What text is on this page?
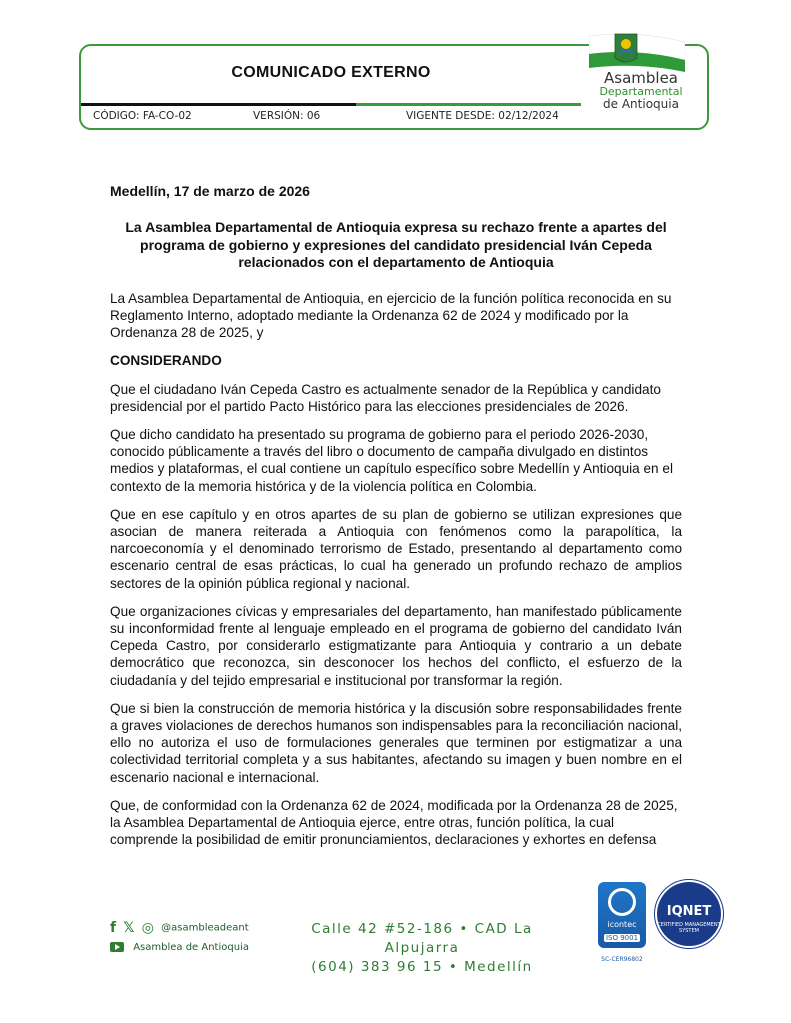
COMUNICADO EXTERNO
CÓDIGO: FA-CO-02	VERSIÓN: 06	VIGENTE DESDE: 02/12/2024
Asamblea
Departamental
de Antioquia
Medellín, 17 de marzo de 2026
La Asamblea Departamental de Antioquia expresa su rechazo frente a apartes del programa de gobierno y expresiones del candidato presidencial Iván Cepeda relacionados con el departamento de Antioquia
La Asamblea Departamental de Antioquia, en ejercicio de la función política reconocida en su Reglamento Interno, adoptado mediante la Ordenanza 62 de 2024 y modificado por la Ordenanza 28 de 2025, y
CONSIDERANDO
Que el ciudadano Iván Cepeda Castro es actualmente senador de la República y candidato presidencial por el partido Pacto Histórico para las elecciones presidenciales de 2026.
Que dicho candidato ha presentado su programa de gobierno para el periodo 2026-2030, conocido públicamente a través del libro o documento de campaña divulgado en distintos medios y plataformas, el cual contiene un capítulo específico sobre Medellín y Antioquia en el contexto de la memoria histórica y de la violencia política en Colombia.
Que en ese capítulo y en otros apartes de su plan de gobierno se utilizan expresiones que asocian de manera reiterada a Antioquia con fenómenos como la parapolítica, la narcoeconomía y el denominado terrorismo de Estado, presentando al departamento como escenario central de esas prácticas, lo cual ha generado un profundo rechazo de amplios sectores de la opinión pública regional y nacional.
Que organizaciones cívicas y empresariales del departamento, han manifestado públicamente su inconformidad frente al lenguaje empleado en el programa de gobierno del candidato Iván Cepeda Castro, por considerarlo estigmatizante para Antioquia y contrario a un debate democrático que reconozca, sin desconocer los hechos del conflicto, el esfuerzo de la ciudadanía y del tejido empresarial e institucional por transformar la región.
Que si bien la construcción de memoria histórica y la discusión sobre responsabilidades frente a graves violaciones de derechos humanos son indispensables para la reconciliación nacional, ello no autoriza el uso de formulaciones generales que terminen por estigmatizar a una colectividad territorial completa y a sus habitantes, afectando su imagen y buen nombre en el escenario nacional e internacional.
Que, de conformidad con la Ordenanza 62 de 2024, modificada por la Ordenanza 28 de 2025, la Asamblea Departamental de Antioquia ejerce, entre otras, función política, la cual comprende la posibilidad de emitir pronunciamientos, declaraciones y exhortes en defensa
f 𝕏 ◎ @asambleadeant
Asamblea de Antioquia
Calle 42 #52-186 • CAD La Alpujarra
(604) 383 96 15 • Medellín
icontec
ISO 9001
SC-CER96802
IQNET
CERTIFIED MANAGEMENT SYSTEM
